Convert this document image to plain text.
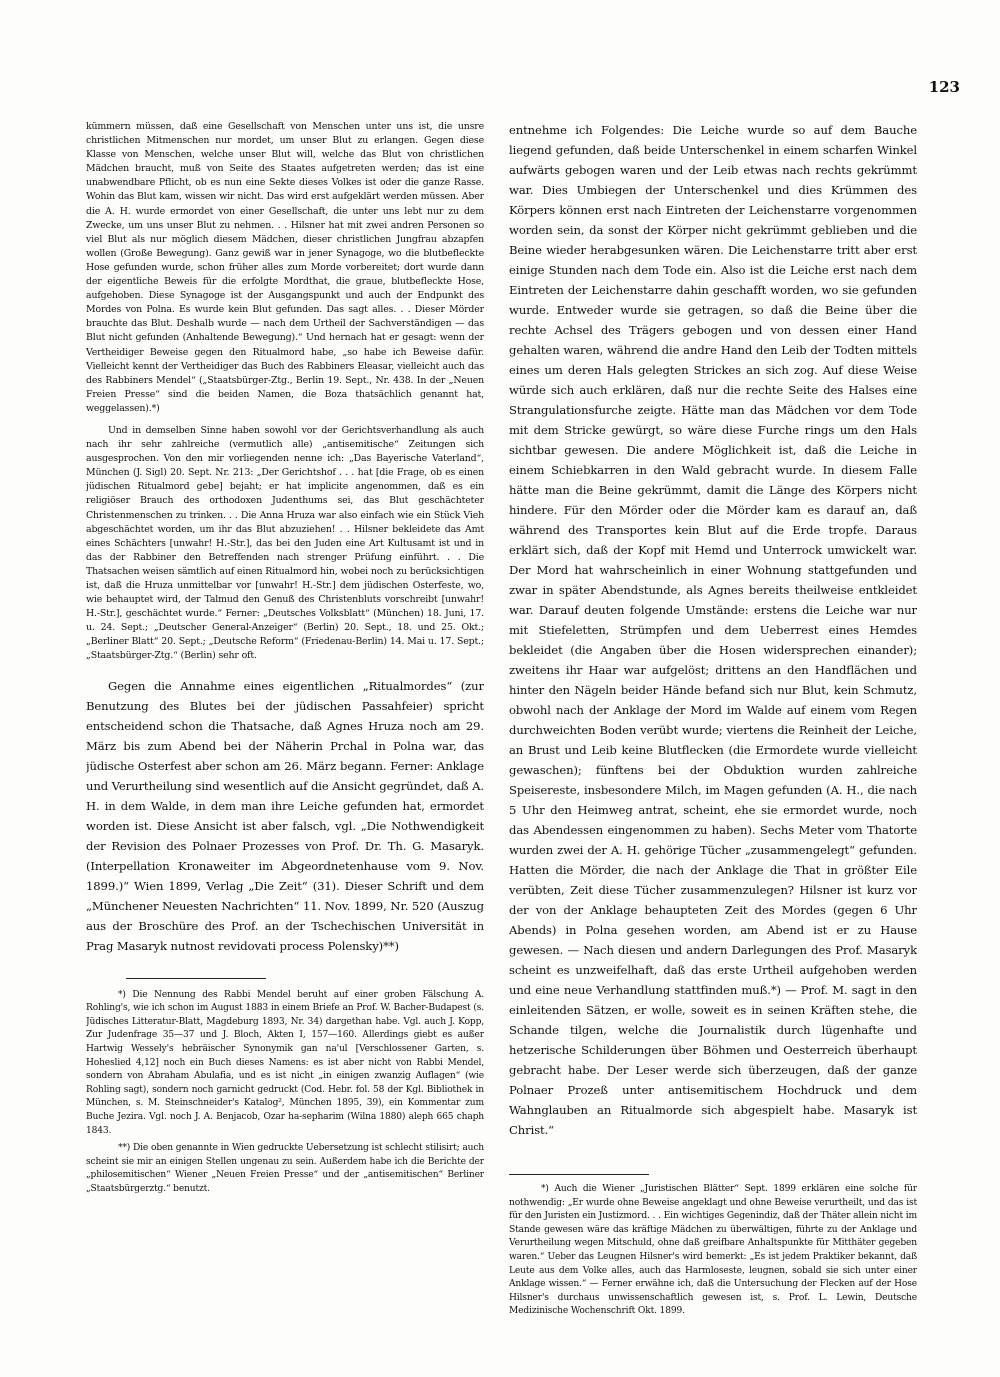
123

kümmern müssen, daß eine Gesellschaft von Menschen unter uns ist, die unsre christlichen Mitmenschen nur mordet, um unser Blut zu erlangen. Gegen diese Klasse von Menschen, welche unser Blut will, welche das Blut von christlichen Mädchen braucht, muß von Seite des Staates aufgetreten werden; das ist eine unabwendbare Pflicht, ob es nun eine Sekte dieses Volkes ist oder die ganze Rasse. Wohin das Blut kam, wissen wir nicht. Das wird erst aufgeklärt werden müssen. Aber die A. H. wurde ermordet von einer Gesellschaft, die unter uns lebt nur zu dem Zwecke, um uns unser Blut zu nehmen. . . Hilsner hat mit zwei andren Personen so viel Blut als nur möglich diesem Mädchen, dieser christlichen Jungfrau abzapfen wollen (Große Bewegung). Ganz gewiß war in jener Synagoge, wo die blutbefleckte Hose gefunden wurde, schon früher alles zum Morde vorbereitet; dort wurde dann der eigentliche Beweis für die erfolgte Mordthat, die graue, blutbefleckte Hose, aufgehoben. Diese Synagoge ist der Ausgangspunkt und auch der Endpunkt des Mordes von Polna. Es wurde kein Blut gefunden. Das sagt alles. . . Dieser Mörder brauchte das Blut. Deshalb wurde — nach dem Urtheil der Sachverständigen — das Blut nicht gefunden (Anhaltende Bewegung).“ Und hernach hat er gesagt: wenn der Vertheidiger Beweise gegen den Ritualmord habe, „so habe ich Beweise dafür. Vielleicht kennt der Vertheidiger das Buch des Rabbiners Eleasar, vielleicht auch das des Rabbiners Mendel“ („Staatsbürger-Ztg., Berlin 19. Sept., Nr. 438. In der „Neuen Freien Presse“ sind die beiden Namen, die Boza thatsächlich genannt hat, weggelassen).*)

Und in demselben Sinne haben sowohl vor der Gerichtsverhandlung als auch nach ihr sehr zahlreiche (vermutlich alle) „antisemitische“ Zeitungen sich ausgesprochen. Von den mir vorliegenden nenne ich: „Das Bayerische Vaterland“, München (J. Sigl) 20. Sept. Nr. 213: „Der Gerichtshof . . . hat [die Frage, ob es einen jüdischen Ritualmord gebe] bejaht; er hat implicite angenommen, daß es ein religiöser Brauch des orthodoxen Judenthums sei, das Blut geschächteter Christenmenschen zu trinken. . . Die Anna Hruza war also einfach wie ein Stück Vieh abgeschächtet worden, um ihr das Blut abzuziehen! . . Hilsner bekleidete das Amt eines Schächters [unwahr! H.-Str.], das bei den Juden eine Art Kultusamt ist und in das der Rabbiner den Betreffenden nach strenger Prüfung einführt. . . Die Thatsachen weisen sämtlich auf einen Ritualmord hin, wobei noch zu berücksichtigen ist, daß die Hruza unmittelbar vor [unwahr! H.-Str.] dem jüdischen Osterfeste, wo, wie behauptet wird, der Talmud den Genuß des Christenbluts vorschreibt [unwahr! H.-Str.], geschächtet wurde.“ Ferner: „Deutsches Volksblatt“ (München) 18. Juni, 17. u. 24. Sept.; „Deutscher General-Anzeiger“ (Berlin) 20. Sept., 18. und 25. Okt.; „Berliner Blatt“ 20. Sept.; „Deutsche Reform“ (Friedenau-Berlin) 14. Mai u. 17. Sept.; „Staatsbürger-Ztg.“ (Berlin) sehr oft.

Gegen die Annahme eines eigentlichen „Ritualmordes“ (zur Benutzung des Blutes bei der jüdischen Passahfeier) spricht entscheidend schon die Thatsache, daß Agnes Hruza noch am 29. März bis zum Abend bei der Näherin Prchal in Polna war, das jüdische Osterfest aber schon am 26. März begann. Ferner: Anklage und Verurtheilung sind wesentlich auf die Ansicht gegründet, daß A. H. in dem Walde, in dem man ihre Leiche gefunden hat, ermordet worden ist. Diese Ansicht ist aber falsch, vgl. „Die Nothwendigkeit der Revision des Polnaer Prozesses von Prof. Dr. Th. G. Masaryk. (Interpellation Kronaweiter im Abgeordnetenhause vom 9. Nov. 1899.)“ Wien 1899, Verlag „Die Zeit“ (31). Dieser Schrift und dem „Münchener Neuesten Nachrichten“ 11. Nov. 1899, Nr. 520 (Auszug aus der Broschüre des Prof. an der Tschechischen Universität in Prag Masaryk nutnost revidovati process Polensky)**)

*) Die Nennung des Rabbi Mendel beruht auf einer groben Fälschung A. Rohling's, wie ich schon im August 1883 in einem Briefe an Prof. W. Bacher-Budapest (s. Jüdisches Litteratur-Blatt, Magdeburg 1893, Nr. 34) dargethan habe. Vgl. auch J. Kopp, Zur Judenfrage 35—37 und J. Bloch, Akten I, 157—160. Allerdings giebt es außer Hartwig Wessely's hebräischer Synonymik gan na'ul [Verschlossener Garten, s. Hoheslied 4,12] noch ein Buch dieses Namens: es ist aber nicht von Rabbi Mendel, sondern von Abraham Abulafia, und es ist nicht „in einigen zwanzig Auflagen“ (wie Rohling sagt), sondern noch garnicht gedruckt (Cod. Hebr. fol. 58 der Kgl. Bibliothek in München, s. M. Steinschneider's Katalog², München 1895, 39), ein Kommentar zum Buche Jezira. Vgl. noch J. A. Benjacob, Ozar ha-sepharim (Wilna 1880) aleph 665 chaph 1843.

**) Die oben genannte in Wien gedruckte Uebersetzung ist schlecht stilisirt; auch scheint sie mir an einigen Stellen ungenau zu sein. Außerdem habe ich die Berichte der „philosemitischen“ Wiener „Neuen Freien Presse“ und der „antisemitischen“ Berliner „Staatsbürgerztg.“ benutzt.

entnehme ich Folgendes: Die Leiche wurde so auf dem Bauche liegend gefunden, daß beide Unterschenkel in einem scharfen Winkel aufwärts gebogen waren und der Leib etwas nach rechts gekrümmt war. Dies Umbiegen der Unterschenkel und dies Krümmen des Körpers können erst nach Eintreten der Leichenstarre vorgenommen worden sein, da sonst der Körper nicht gekrümmt geblieben und die Beine wieder herabgesunken wären. Die Leichenstarre tritt aber erst einige Stunden nach dem Tode ein. Also ist die Leiche erst nach dem Eintreten der Leichenstarre dahin geschafft worden, wo sie gefunden wurde. Entweder wurde sie getragen, so daß die Beine über die rechte Achsel des Trägers gebogen und von dessen einer Hand gehalten waren, während die andre Hand den Leib der Todten mittels eines um deren Hals gelegten Strickes an sich zog. Auf diese Weise würde sich auch erklären, daß nur die rechte Seite des Halses eine Strangulationsfurche zeigte. Hätte man das Mädchen vor dem Tode mit dem Stricke gewürgt, so wäre diese Furche rings um den Hals sichtbar gewesen. Die andere Möglichkeit ist, daß die Leiche in einem Schiebkarren in den Wald gebracht wurde. In diesem Falle hätte man die Beine gekrümmt, damit die Länge des Körpers nicht hindere. Für den Mörder oder die Mörder kam es darauf an, daß während des Transportes kein Blut auf die Erde tropfe. Daraus erklärt sich, daß der Kopf mit Hemd und Unterrock umwickelt war. Der Mord hat wahrscheinlich in einer Wohnung stattgefunden und zwar in später Abendstunde, als Agnes bereits theilweise entkleidet war. Darauf deuten folgende Umstände: erstens die Leiche war nur mit Stiefeletten, Strümpfen und dem Ueberrest eines Hemdes bekleidet (die Angaben über die Hosen widersprechen einander); zweitens ihr Haar war aufgelöst; drittens an den Handflächen und hinter den Nägeln beider Hände befand sich nur Blut, kein Schmutz, obwohl nach der Anklage der Mord im Walde auf einem vom Regen durchweichten Boden verübt wurde; viertens die Reinheit der Leiche, an Brust und Leib keine Blutflecken (die Ermordete wurde vielleicht gewaschen); fünftens bei der Obduktion wurden zahlreiche Speisereste, insbesondere Milch, im Magen gefunden (A. H., die nach 5 Uhr den Heimweg antrat, scheint, ehe sie ermordet wurde, noch das Abendessen eingenommen zu haben). Sechs Meter vom Thatorte wurden zwei der A. H. gehörige Tücher „zusammengelegt“ gefunden. Hatten die Mörder, die nach der Anklage die That in größter Eile verübten, Zeit diese Tücher zusammenzulegen? Hilsner ist kurz vor der von der Anklage behaupteten Zeit des Mordes (gegen 6 Uhr Abends) in Polna gesehen worden, am Abend ist er zu Hause gewesen. — Nach diesen und andern Darlegungen des Prof. Masaryk scheint es unzweifelhaft, daß das erste Urtheil aufgehoben werden und eine neue Verhandlung stattfinden muß.*) — Prof. M. sagt in den einleitenden Sätzen, er wolle, soweit es in seinen Kräften stehe, die Schande tilgen, welche die Journalistik durch lügenhafte und hetzerische Schilderungen über Böhmen und Oesterreich überhaupt gebracht habe. Der Leser werde sich überzeugen, daß der ganze Polnaer Prozeß unter antisemitischem Hochdruck und dem Wahnglauben an Ritualmorde sich abgespielt habe. Masaryk ist Christ.“

*) Auch die Wiener „Juristischen Blätter“ Sept. 1899 erklären eine solche für nothwendig: „Er wurde ohne Beweise angeklagt und ohne Beweise verurtheilt, und das ist für den Juristen ein Justizmord. . . Ein wichtiges Gegenindiz, daß der Thäter allein nicht im Stande gewesen wäre das kräftige Mädchen zu überwältigen, führte zu der Anklage und Verurtheilung wegen Mitschuld, ohne daß greifbare Anhaltspunkte für Mitthäter gegeben waren.“ Ueber das Leugnen Hilsner's wird bemerkt: „Es ist jedem Praktiker bekannt, daß Leute aus dem Volke alles, auch das Harmloseste, leugnen, sobald sie sich unter einer Anklage wissen.“ — Ferner erwähne ich, daß die Untersuchung der Flecken auf der Hose Hilsner's durchaus unwissenschaftlich gewesen ist, s. Prof. L. Lewin, Deutsche Medizinische Wochenschrift Okt. 1899.
